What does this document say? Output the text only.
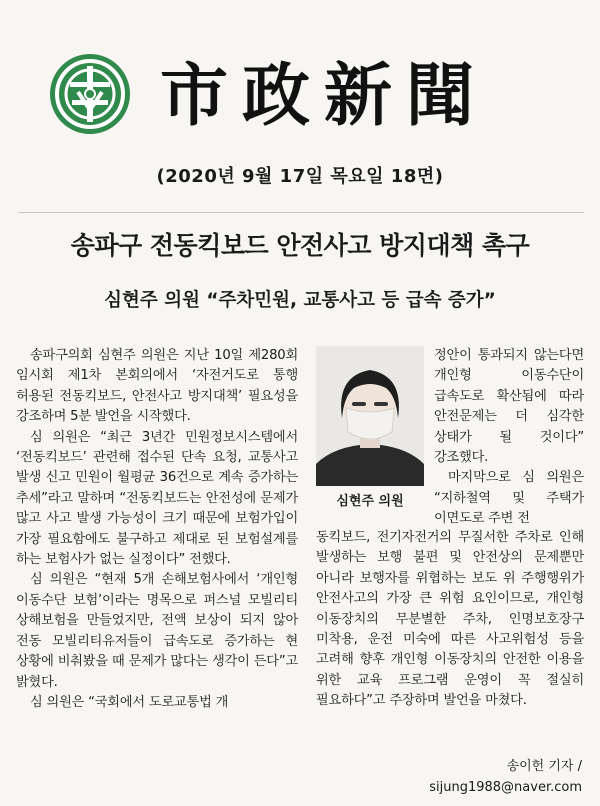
市政新聞
(2020년 9월 17일 목요일 18면)
송파구 전동킥보드 안전사고 방지대책 촉구
심현주 의원 “주차민원, 교통사고 등 급속 증가”

송파구의회 심현주 의원은 지난 10일 제280회 임시회 제1차 본회의에서 ‘자전거도로 통행 허용된 전동킥보드, 안전사고 방지대책’ 필요성을 강조하며 5분 발언을 시작했다.

심 의원은 “최근 3년간 민원정보시스템에서 ‘전동킥보드’ 관련해 접수된 단속 요청, 교통사고 발생 신고 민원이 월평균 36건으로 계속 증가하는 추세”라고 말하며 “전동킥보드는 안전성에 문제가 많고 사고 발생 가능성이 크기 때문에 보험가입이 가장 필요함에도 불구하고 제대로 된 보험설계를 하는 보험사가 없는 실정이다” 전했다.

심 의원은 “현재 5개 손해보험사에서 ‘개인형 이동수단 보험’이라는 명목으로 퍼스널 모빌리티 상해보험을 만들었지만, 전액 보상이 되지 않아 전동 모빌리티유저들이 급속도로 증가하는 현 상황에 비춰봤을 때 문제가 많다는 생각이 든다”고 밝혔다.

심 의원은 “국회에서 도로교통법 개

심현주 의원

정안이 통과되지 않는다면 개인형 이동수단이 급속도로 확산됨에 따라 안전문제는 더 심각한 상태가 될 것이다” 강조했다.

마지막으로 심 의원은 “지하철역 및 주택가 이면도로 주변 전

동킥보드, 전기자전거의 무질서한 주차로 인해 발생하는 보행 불편 및 안전상의 문제뿐만 아니라 보행자를 위협하는 보도 위 주행행위가 안전사고의 가장 큰 위험 요인이므로, 개인형 이동장치의 무분별한 주차, 인명보호장구 미착용, 운전 미숙에 따른 사고위험성 등을 고려해 향후 개인형 이동장치의 안전한 이용을 위한 교육 프로그램 운영이 꼭 절실히 필요하다”고 주장하며 발언을 마쳤다.

송이헌 기자 /
sijung1988@naver.com
